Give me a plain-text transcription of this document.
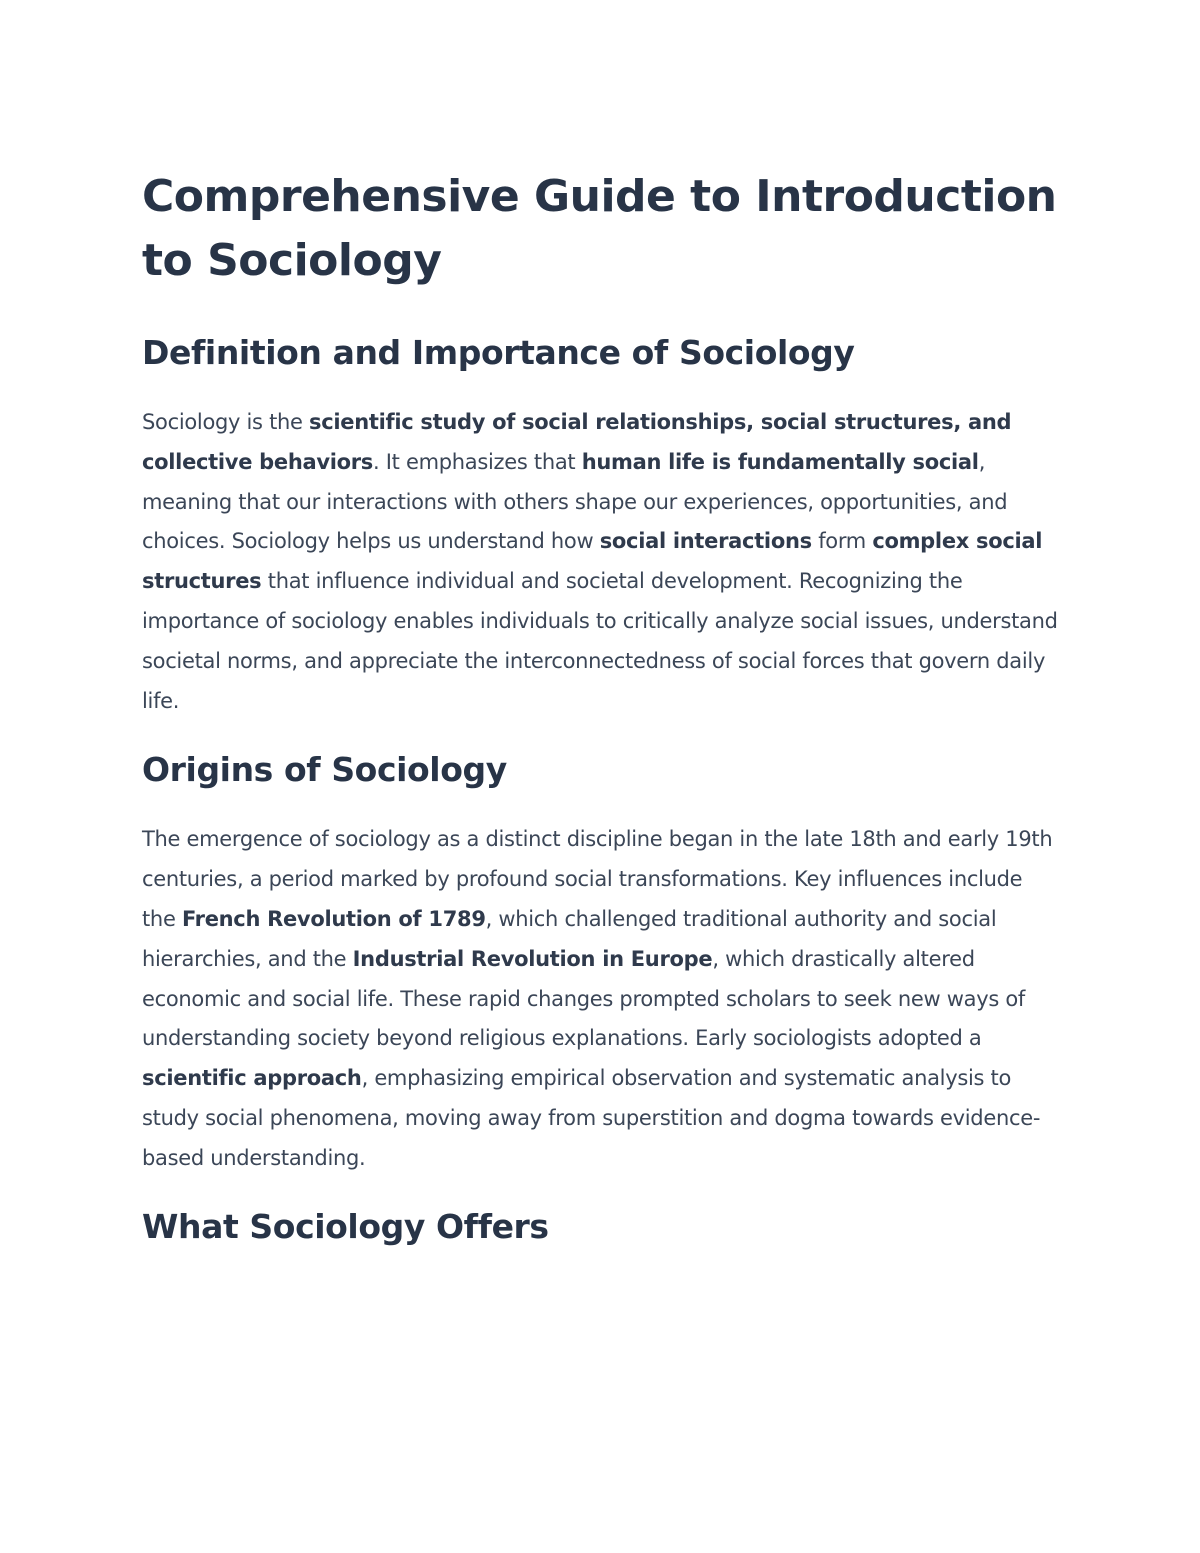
Comprehensive Guide to Introduction to Sociology
Definition and Importance of Sociology

Sociology is the scientific study of social relationships, social structures, and collective behaviors. It emphasizes that human life is fundamentally social, meaning that our interactions with others shape our experiences, opportunities, and choices. Sociology helps us understand how social interactions form complex social structures that influence individual and societal development. Recognizing the importance of sociology enables individuals to critically analyze social issues, understand societal norms, and appreciate the interconnectedness of social forces that govern daily life.

Origins of Sociology

The emergence of sociology as a distinct discipline began in the late 18th and early 19th centuries, a period marked by profound social transformations. Key influences include the French Revolution of 1789, which challenged traditional authority and social hierarchies, and the Industrial Revolution in Europe, which drastically altered economic and social life. These rapid changes prompted scholars to seek new ways of understanding society beyond religious explanations. Early sociologists adopted a scientific approach, emphasizing empirical observation and systematic analysis to study social phenomena, moving away from superstition and dogma towards evidence-based understanding.

What Sociology Offers
